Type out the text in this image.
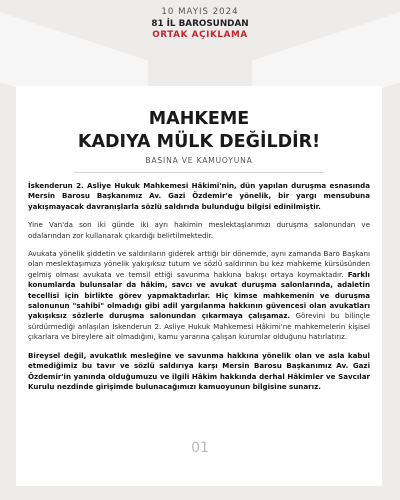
10 MAYIS 2024
81 İL BAROSUNDAN
ORTAK AÇIKLAMA
MAHKEME
KADIYA MÜLK DEĞİLDİR!
BASINA VE KAMUOYUNA

İskenderun 2. Asliye Hukuk Mahkemesi Hâkimi'nin, dün yapılan duruşma esnasında Mersin Barosu Başkanımız Av. Gazi Özdemir'e yönelik, bir yargı mensubuna yakışmayacak davranışlarla sözlü saldırıda bulunduğu bilgisi edinilmiştir.

Yine Van'da son iki günde iki ayrı hakimin meslektaşlarımızı duruşma salonundan ve odalarından zor kullanarak çıkardığı belirtilmektedir.

Avukata yönelik şiddetin ve saldırıların giderek arttığı bir dönemde, aynı zamanda Baro Başkanı olan meslektaşımıza yönelik yakışıksız tutum ve sözlü saldırının bu kez mahkeme kürsüsünden gelmiş olması avukata ve temsil ettiği savunma hakkına bakışı ortaya koymaktadır. Farklı konumlarda bulunsalar da hâkim, savcı ve avukat duruşma salonlarında, adaletin tecellisi için birlikte görev yapmaktadırlar. Hiç kimse mahkemenin ve duruşma salonunun "sahibi" olmadığı gibi adil yargılanma hakkının güvencesi olan avukatları yakışıksız sözlerle duruşma salonundan çıkarmaya çalışamaz. Görevini bu bilinçle sürdürmediği anlaşılan İskenderun 2. Asliye Hukuk Mahkemesi Hâkimi'ne mahkemelerin kişisel çıkarlara ve bireylere ait olmadığını, kamu yararına çalışan kurumlar olduğunu hatırlatırız.

Bireysel değil, avukatlık mesleğine ve savunma hakkına yönelik olan ve asla kabul etmediğimiz bu tavır ve sözlü saldırıya karşı Mersin Barosu Başkanımız Av. Gazi Özdemir'in yanında olduğumuzu ve ilgili Hâkim hakkında derhal Hâkimler ve Savcılar Kurulu nezdinde girişimde bulunacağımızı kamuoyunun bilgisine sunarız.

01
